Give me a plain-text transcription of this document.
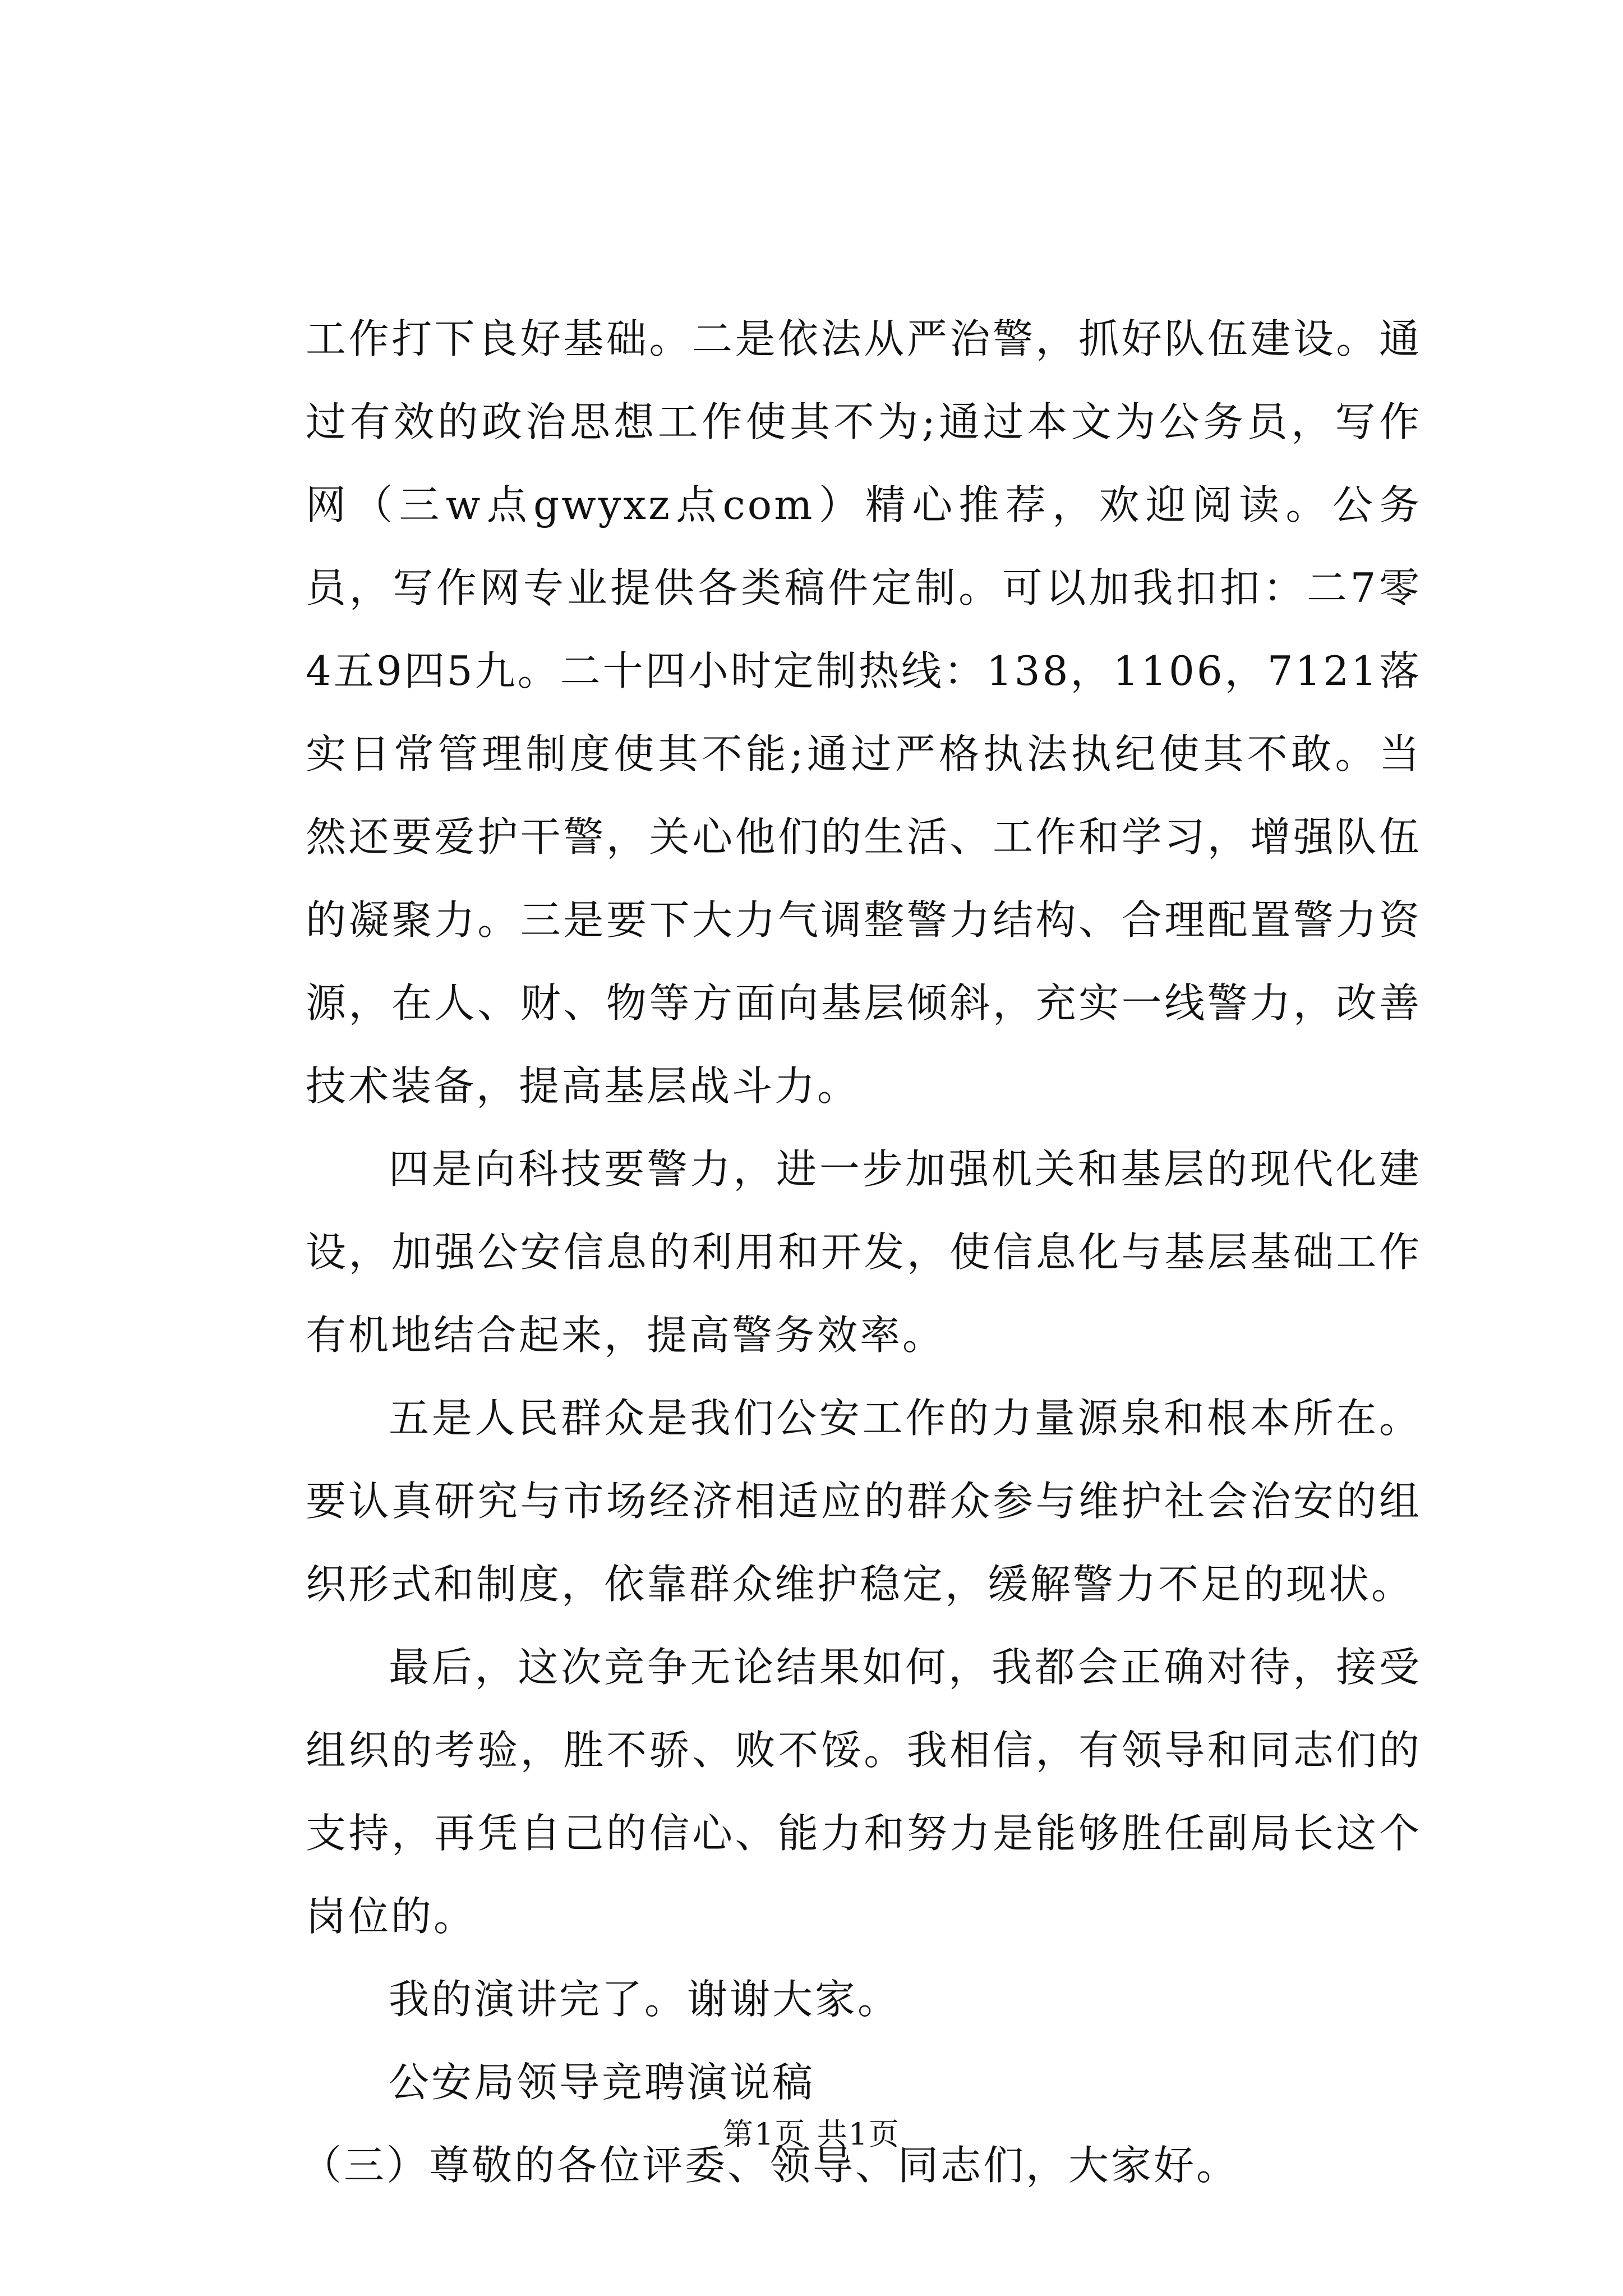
工作打下良好基础。二是依法从严治警，抓好队伍建设。通过有效的政治思想工作使其不为;通过本文为公务员，写作网（三w点gwyxz点com）精心推荐，欢迎阅读。公务员，写作网专业提供各类稿件定制。可以加我扣扣：二7零4五9四5九。二十四小时定制热线：138，1106，7121落实日常管理制度使其不能;通过严格执法执纪使其不敢。当然还要爱护干警，关心他们的生活、工作和学习，增强队伍的凝聚力。三是要下大力气调整警力结构、合理配置警力资源，在人、财、物等方面向基层倾斜，充实一线警力，改善技术装备，提高基层战斗力。

四是向科技要警力，进一步加强机关和基层的现代化建设，加强公安信息的利用和开发，使信息化与基层基础工作有机地结合起来，提高警务效率。

五是人民群众是我们公安工作的力量源泉和根本所在。要认真研究与市场经济相适应的群众参与维护社会治安的组织形式和制度，依靠群众维护稳定，缓解警力不足的现状。

最后，这次竞争无论结果如何，我都会正确对待，接受组织的考验，胜不骄、败不馁。我相信，有领导和同志们的支持，再凭自己的信心、能力和努力是能够胜任副局长这个岗位的。

我的演讲完了。谢谢大家。

公安局领导竞聘演说稿

（三）尊敬的各位评委、领导、同志们，大家好。

第1页 共1页
